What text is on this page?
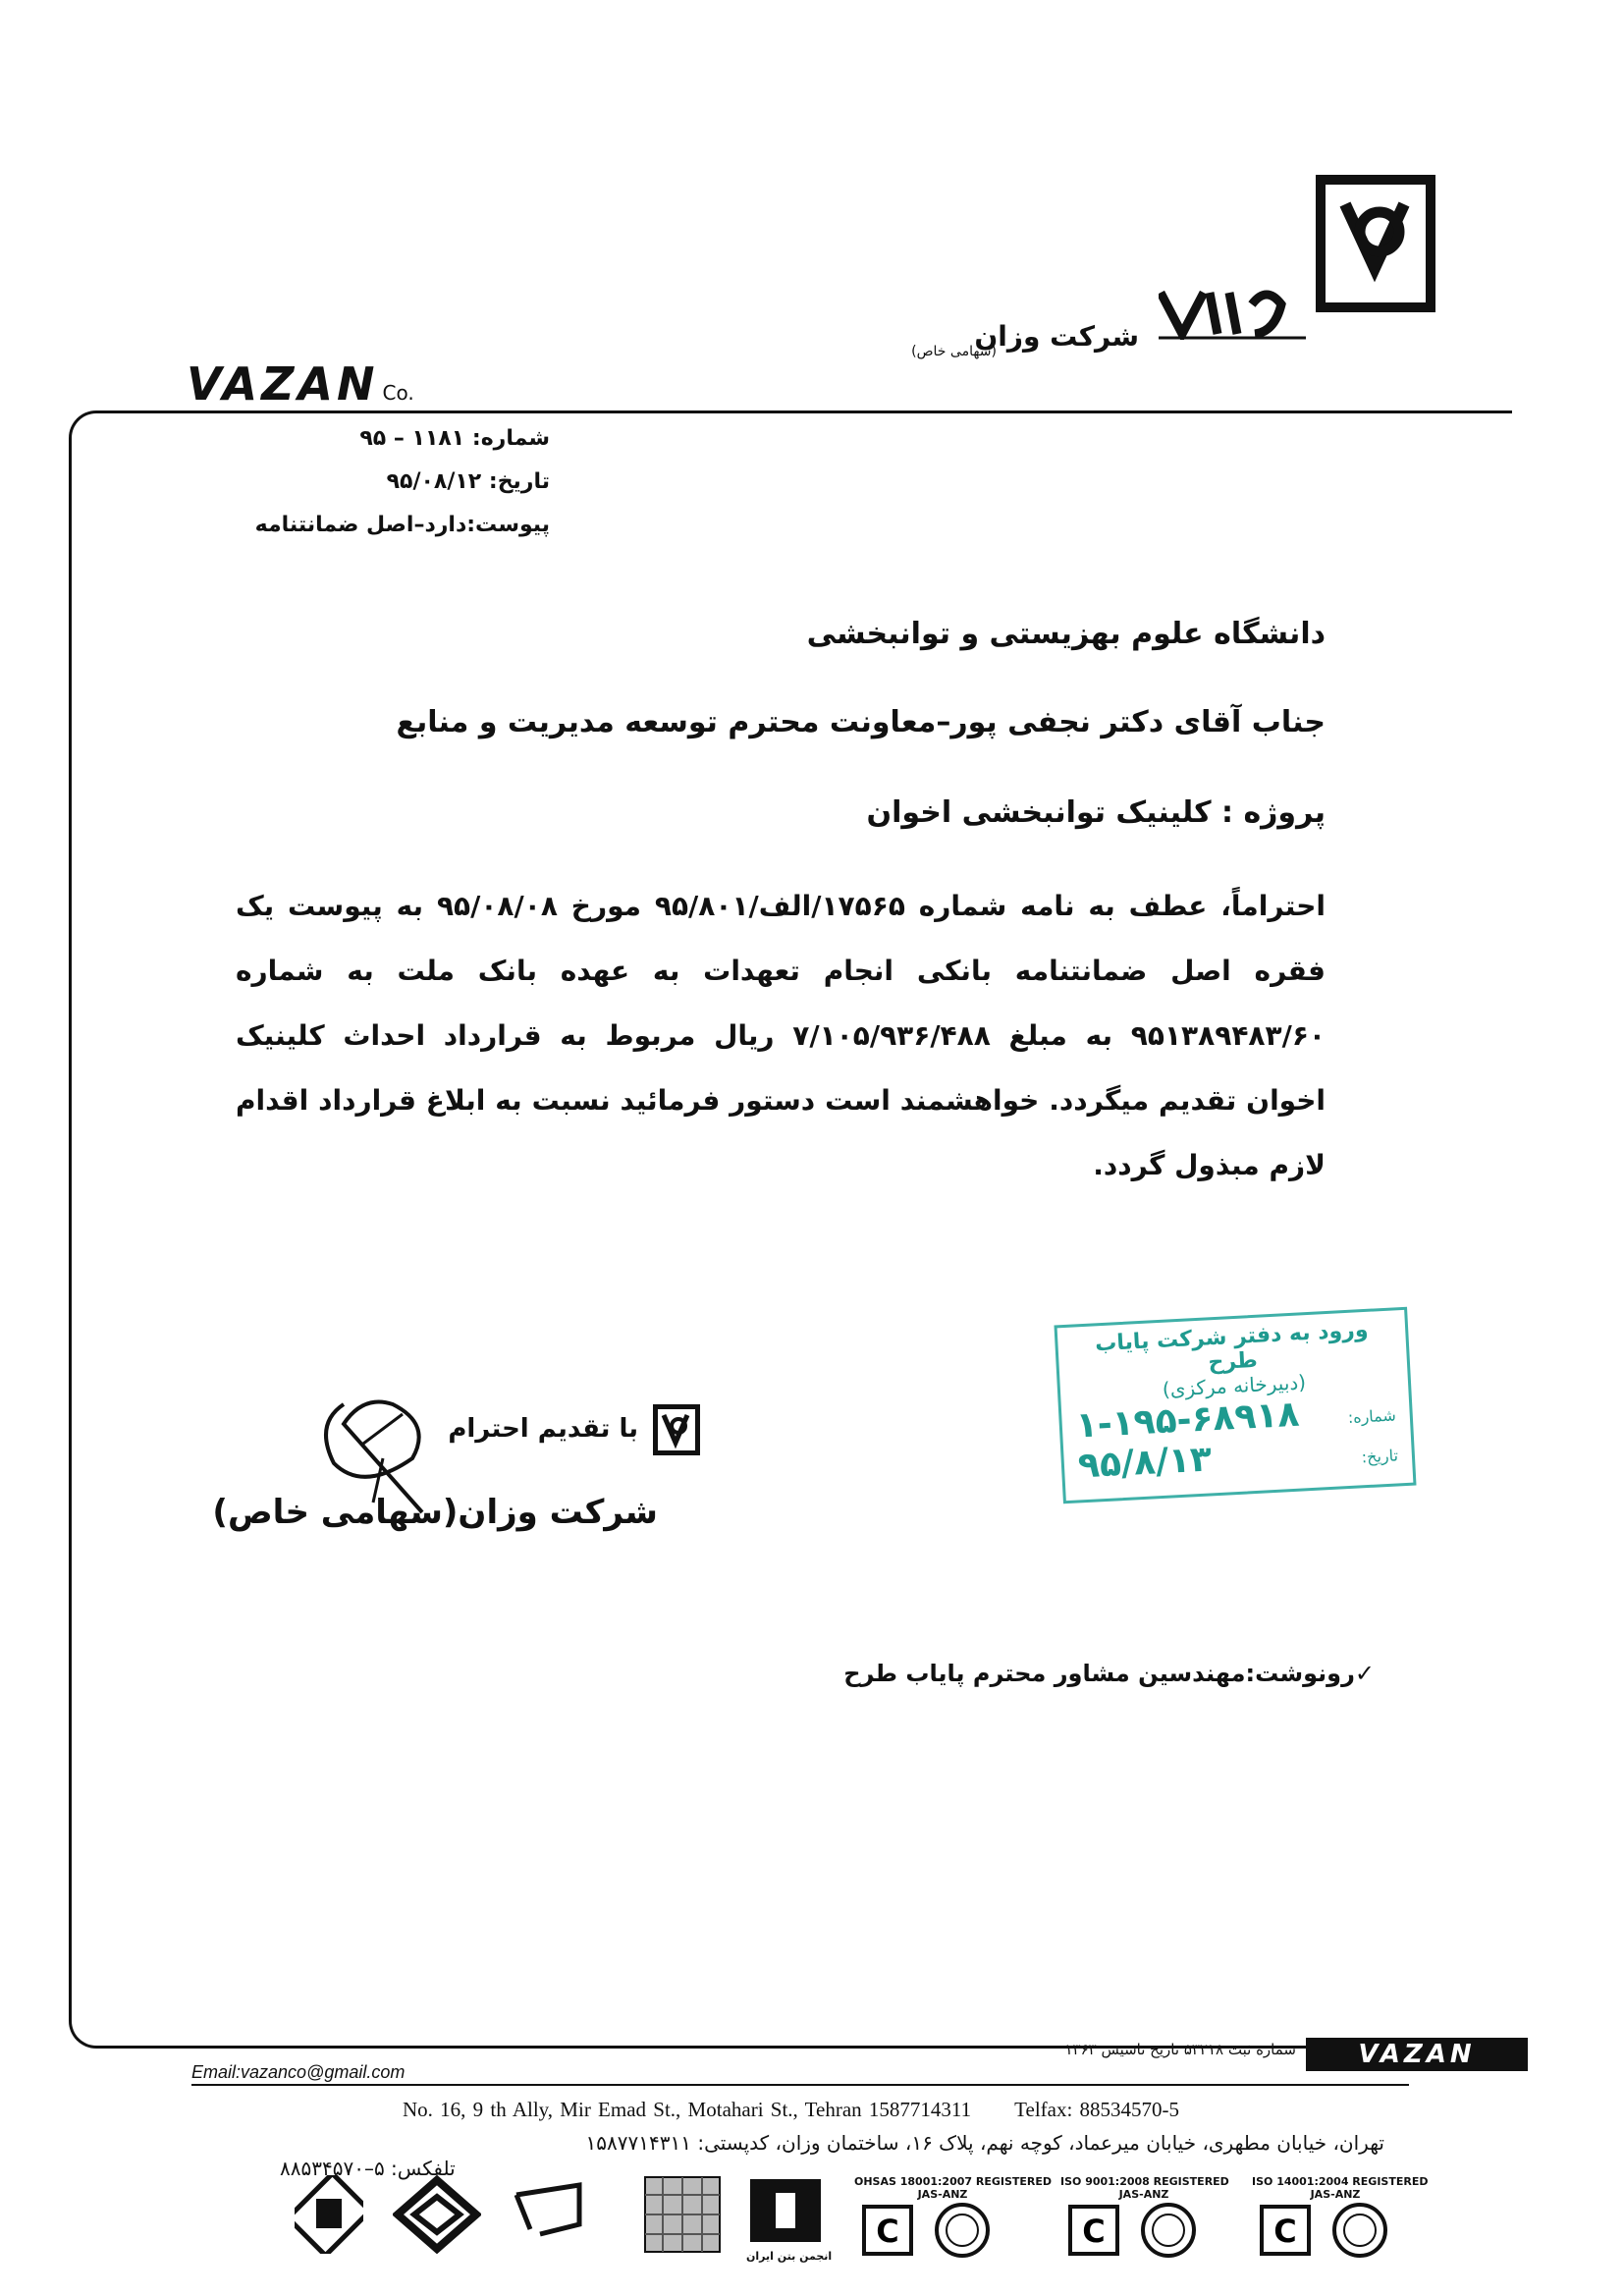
شرکت وزان
(سهامی خاص)
VAZAN Co.
شماره: ۱۱۸۱ – ۹۵
تاریخ: ۹۵/۰۸/۱۲
پیوست:دارد–اصل ضمانتنامه
دانشگاه علوم بهزیستی و توانبخشی
جناب آقای دکتر نجفی پور–معاونت محترم توسعه مدیریت و منابع
پروژه : کلینیک توانبخشی اخوان
احتراماً، عطف به نامه شماره ۱۷۵۶۵/الف/۹۵/۸۰۱ مورخ ۹۵/۰۸/۰۸ به پیوست یک فقره اصل ضمانتنامه بانکی انجام تعهدات به عهده بانک ملت به شماره ۹۵۱۳۸۹۴۸۳/۶۰ به مبلغ ۷/۱۰۵/۹۳۶/۴۸۸ ریال مربوط به قرارداد احداث کلینیک اخوان تقدیم میگردد. خواهشمند است دستور فرمائید نسبت به ابلاغ قرارداد اقدام لازم مبذول گردد.
با تقدیم احترام
شرکت وزان(سهامی خاص)
ورود به دفتر شرکت پایاب طرح
(دبیرخانه مرکزی)
شماره:
۱-۱۹۵-۶۸۹۱۸
تاریخ:
۹۵/۸/۱۳
✓رونوشت:مهندسین مشاور محترم پایاب طرح
VAZAN
شماره ثبت ۵۳۲۱۸ تاریخ تاسیس ۱۳۶۳
Email:vazanco@gmail.com
No. 16, 9 th Ally, Mir Emad St., Motahari St., Tehran 1587714311 Telfax: 88534570-5
تهران، خیابان مطهری، خیابان میرعماد، کوچه نهم، پلاک ۱۶، ساختمان وزان، کدپستی: ۱۵۸۷۷۱۴۳۱۱
تلفکس: ۵–۸۸۵۳۴۵۷۰
انجمن بتن ایران
OHSAS 18001:2007 REGISTERED
JAS-ANZ
C
ISO 9001:2008 REGISTERED
JAS-ANZ
C
ISO 14001:2004 REGISTERED
JAS-ANZ
C
